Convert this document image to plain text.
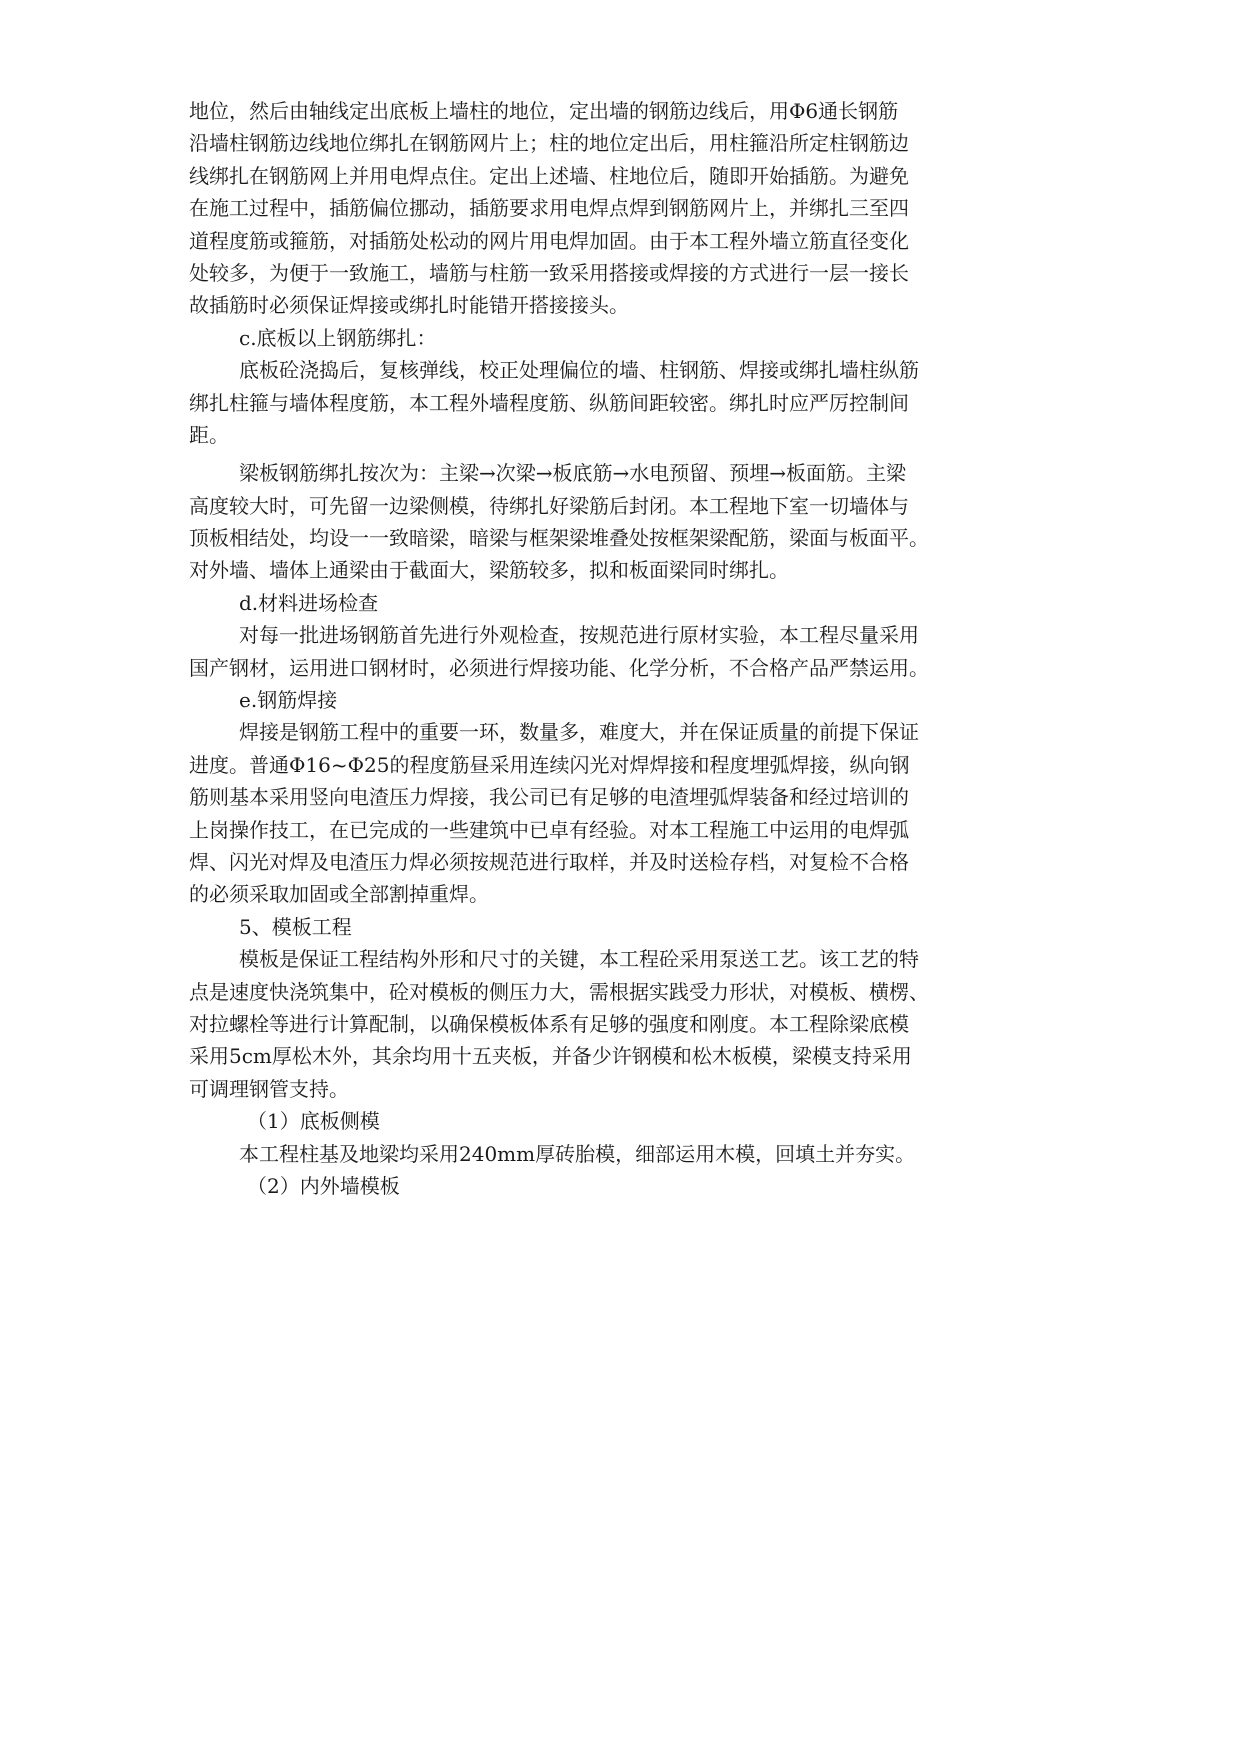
地位，然后由轴线定出底板上墙柱的地位，定出墙的钢筋边线后，用Φ6通长钢筋
沿墙柱钢筋边线地位绑扎在钢筋网片上；柱的地位定出后，用柱箍沿所定柱钢筋边
线绑扎在钢筋网上并用电焊点住。定出上述墙、柱地位后，随即开始插筋。为避免
在施工过程中，插筋偏位挪动，插筋要求用电焊点焊到钢筋网片上，并绑扎三至四
道程度筋或箍筋，对插筋处松动的网片用电焊加固。由于本工程外墙立筋直径变化
处较多，为便于一致施工，墙筋与柱筋一致采用搭接或焊接的方式进行一层一接长
故插筋时必须保证焊接或绑扎时能错开搭接接头。
c.底板以上钢筋绑扎：
底板砼浇捣后，复核弹线，校正处理偏位的墙、柱钢筋、焊接或绑扎墙柱纵筋
绑扎柱箍与墙体程度筋，本工程外墙程度筋、纵筋间距较密。绑扎时应严厉控制间
距。
梁板钢筋绑扎按次为：主梁→次梁→板底筋→水电预留、预埋→板面筋。主梁
高度较大时，可先留一边梁侧模，待绑扎好梁筋后封闭。本工程地下室一切墙体与
顶板相结处，均设一一致暗梁，暗梁与框架梁堆叠处按框架梁配筋，梁面与板面平。
对外墙、墙体上通梁由于截面大，梁筋较多，拟和板面梁同时绑扎。
d.材料进场检查
对每一批进场钢筋首先进行外观检查，按规范进行原材实验，本工程尽量采用
国产钢材，运用进口钢材时，必须进行焊接功能、化学分析，不合格产品严禁运用。
e.钢筋焊接
焊接是钢筋工程中的重要一环，数量多，难度大，并在保证质量的前提下保证
进度。普通Φ16~Φ25的程度筋昼采用连续闪光对焊焊接和程度埋弧焊接，纵向钢
筋则基本采用竖向电渣压力焊接，我公司已有足够的电渣埋弧焊装备和经过培训的
上岗操作技工，在已完成的一些建筑中已卓有经验。对本工程施工中运用的电焊弧
焊、闪光对焊及电渣压力焊必须按规范进行取样，并及时送检存档，对复检不合格
的必须采取加固或全部割掉重焊。
5、模板工程
模板是保证工程结构外形和尺寸的关键，本工程砼采用泵送工艺。该工艺的特
点是速度快浇筑集中，砼对模板的侧压力大，需根据实践受力形状，对模板、横楞、
对拉螺栓等进行计算配制，以确保模板体系有足够的强度和刚度。本工程除梁底模
采用5cm厚松木外，其余均用十五夹板，并备少许钢模和松木板模，梁模支持采用
可调理钢管支持。
（1）底板侧模
本工程柱基及地梁均采用240mm厚砖胎模，细部运用木模，回填土并夯实。
（2）内外墙模板
